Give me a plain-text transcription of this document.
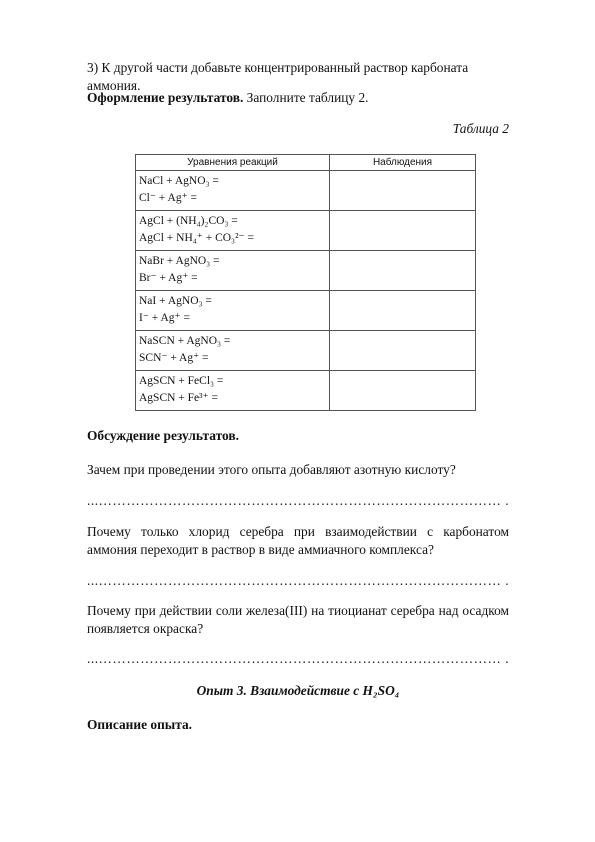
3) К другой части добавьте концентрированный раствор карбоната аммония.
Оформление результатов. Заполните таблицу 2.
Таблица 2
Уравнения реакций	Наблюдения

NaCl + AgNO₃ =
Cl⁻ + Ag⁺ =	

AgCl + (NH₄)₂CO₃ =
AgCl + NH₄⁺ + CO₃²⁻ =	

NaBr + AgNO₃ =
Br⁻ + Ag⁺ =	

NaI + AgNO₃ =
I⁻ + Ag⁺ =	

NaSCN + AgNO₃ =
SCN⁻ + Ag⁺ =	

AgSCN + FeCl₃ =
AgSCN + Fe³⁺ =	

Обсуждение результатов.
Зачем при проведении этого опыта добавляют азотную кислоту?
...…………………………………………………………………………… .
Почему только хлорид серебра при взаимодействии с карбонатом аммония переходит в раствор в виде аммиачного комплекса?
...…………………………………………………………………………… .
Почему при действии соли железа(III) на тиоцианат серебра над осадком появляется окраска?
...…………………………………………………………………………… .
Опыт 3. Взаимодействие с H₂SO₄
Описание опыта.
